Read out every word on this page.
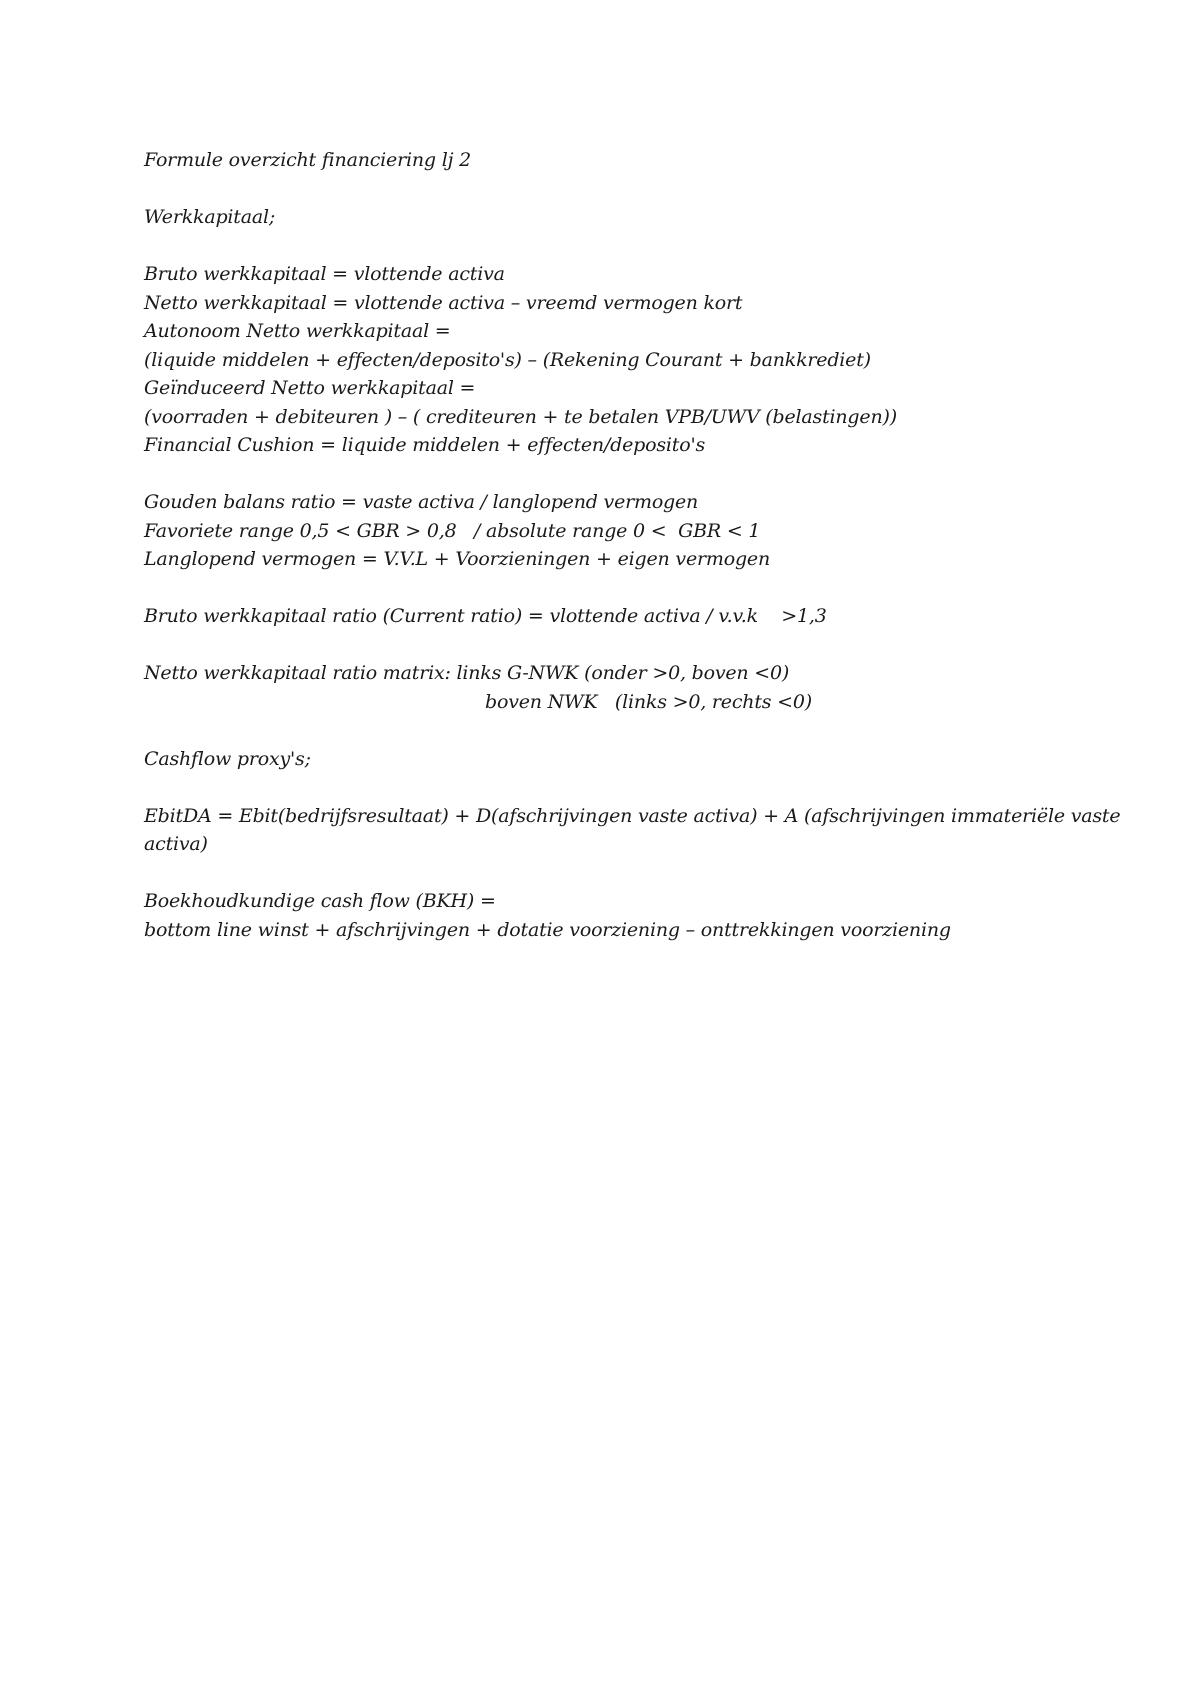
Formule overzicht financiering lj 2
Werkkapitaal;
Bruto werkkapitaal = vlottende activa
Netto werkkapitaal = vlottende activa – vreemd vermogen kort
Autonoom Netto werkkapitaal =
(liquide middelen + effecten/deposito's) – (Rekening Courant + bankkrediet)
Geïnduceerd Netto werkkapitaal =
(voorraden + debiteuren ) – ( crediteuren + te betalen VPB/UWV (belastingen))
Financial Cushion = liquide middelen + effecten/deposito's
Gouden balans ratio = vaste activa / langlopend vermogen
Favoriete range 0,5 < GBR > 0,8   / absolute range 0 <  GBR < 1
Langlopend vermogen = V.V.L + Voorzieningen + eigen vermogen
Bruto werkkapitaal ratio (Current ratio) = vlottende activa / v.v.k    >1,3
Netto werkkapitaal ratio matrix: links G-NWK (onder >0, boven <0)
boven NWK   (links >0, rechts <0)
Cashflow proxy's;
EbitDA = Ebit(bedrijfsresultaat) + D(afschrijvingen vaste activa) + A (afschrijvingen immateriële vaste activa)
Boekhoudkundige cash flow (BKH) =
bottom line winst + afschrijvingen + dotatie voorziening – onttrekkingen voorziening
